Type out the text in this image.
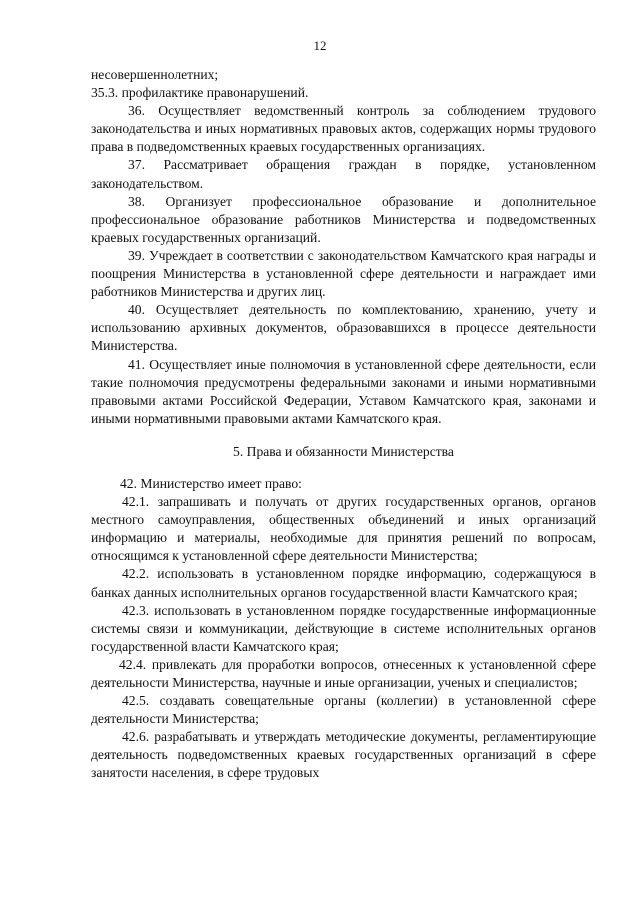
12

несовершеннолетних;

35.3. профилактике правонарушений.

36. Осуществляет ведомственный контроль за соблюдением трудового законодательства и иных нормативных правовых актов, содержащих нормы трудового права в подведомственных краевых государственных организациях.

37. Рассматривает обращения граждан в порядке, установленном законодательством.

38. Организует профессиональное образование и дополнительное профессиональное образование работников Министерства и подведомственных краевых государственных организаций.

39. Учреждает в соответствии с законодательством Камчатского края награды и поощрения Министерства в установленной сфере деятельности и награждает ими работников Министерства и других лиц.

40. Осуществляет деятельность по комплектованию, хранению, учету и использованию архивных документов, образовавшихся в процессе деятельности Министерства.

41. Осуществляет иные полномочия в установленной сфере деятельности, если такие полномочия предусмотрены федеральными законами и иными нормативными правовыми актами Российской Федерации, Уставом Камчатского края, законами и иными нормативными правовыми актами Камчатского края.

5. Права и обязанности Министерства

42. Министерство имеет право:

42.1. запрашивать и получать от других государственных органов, органов местного самоуправления, общественных объединений и иных организаций информацию и материалы, необходимые для принятия решений по вопросам, относящимся к установленной сфере деятельности Министерства;

42.2. использовать в установленном порядке информацию, содержащуюся в банках данных исполнительных органов государственной власти Камчатского края;

42.3. использовать в установленном порядке государственные информационные системы связи и коммуникации, действующие в системе исполнительных органов государственной власти Камчатского края;

42.4. привлекать для проработки вопросов, отнесенных к установленной сфере деятельности Министерства, научные и иные организации, ученых и специалистов;

42.5. создавать совещательные органы (коллегии) в установленной сфере деятельности Министерства;

42.6. разрабатывать и утверждать методические документы, регламентирующие деятельность подведомственных краевых государственных организаций в сфере занятости населения, в сфере трудовых
